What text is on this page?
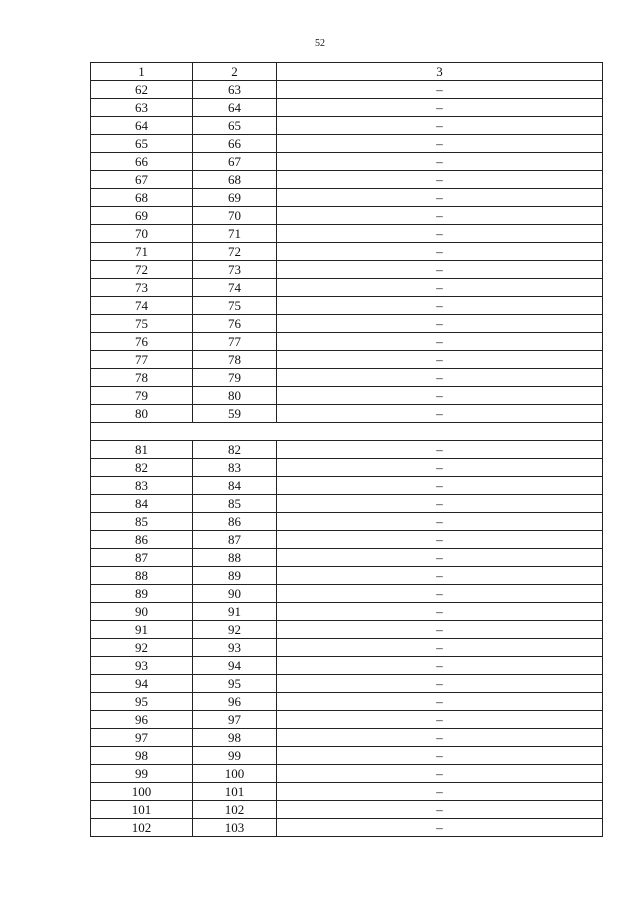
52
1	2	3
62	63	–
63	64	–
64	65	–
65	66	–
66	67	–
67	68	–
68	69	–
69	70	–
70	71	–
71	72	–
72	73	–
73	74	–
74	75	–
75	76	–
76	77	–
77	78	–
78	79	–
79	80	–
80	59	–

81	82	–
82	83	–
83	84	–
84	85	–
85	86	–
86	87	–
87	88	–
88	89	–
89	90	–
90	91	–
91	92	–
92	93	–
93	94	–
94	95	–
95	96	–
96	97	–
97	98	–
98	99	–
99	100	–
100	101	–
101	102	–
102	103	–
